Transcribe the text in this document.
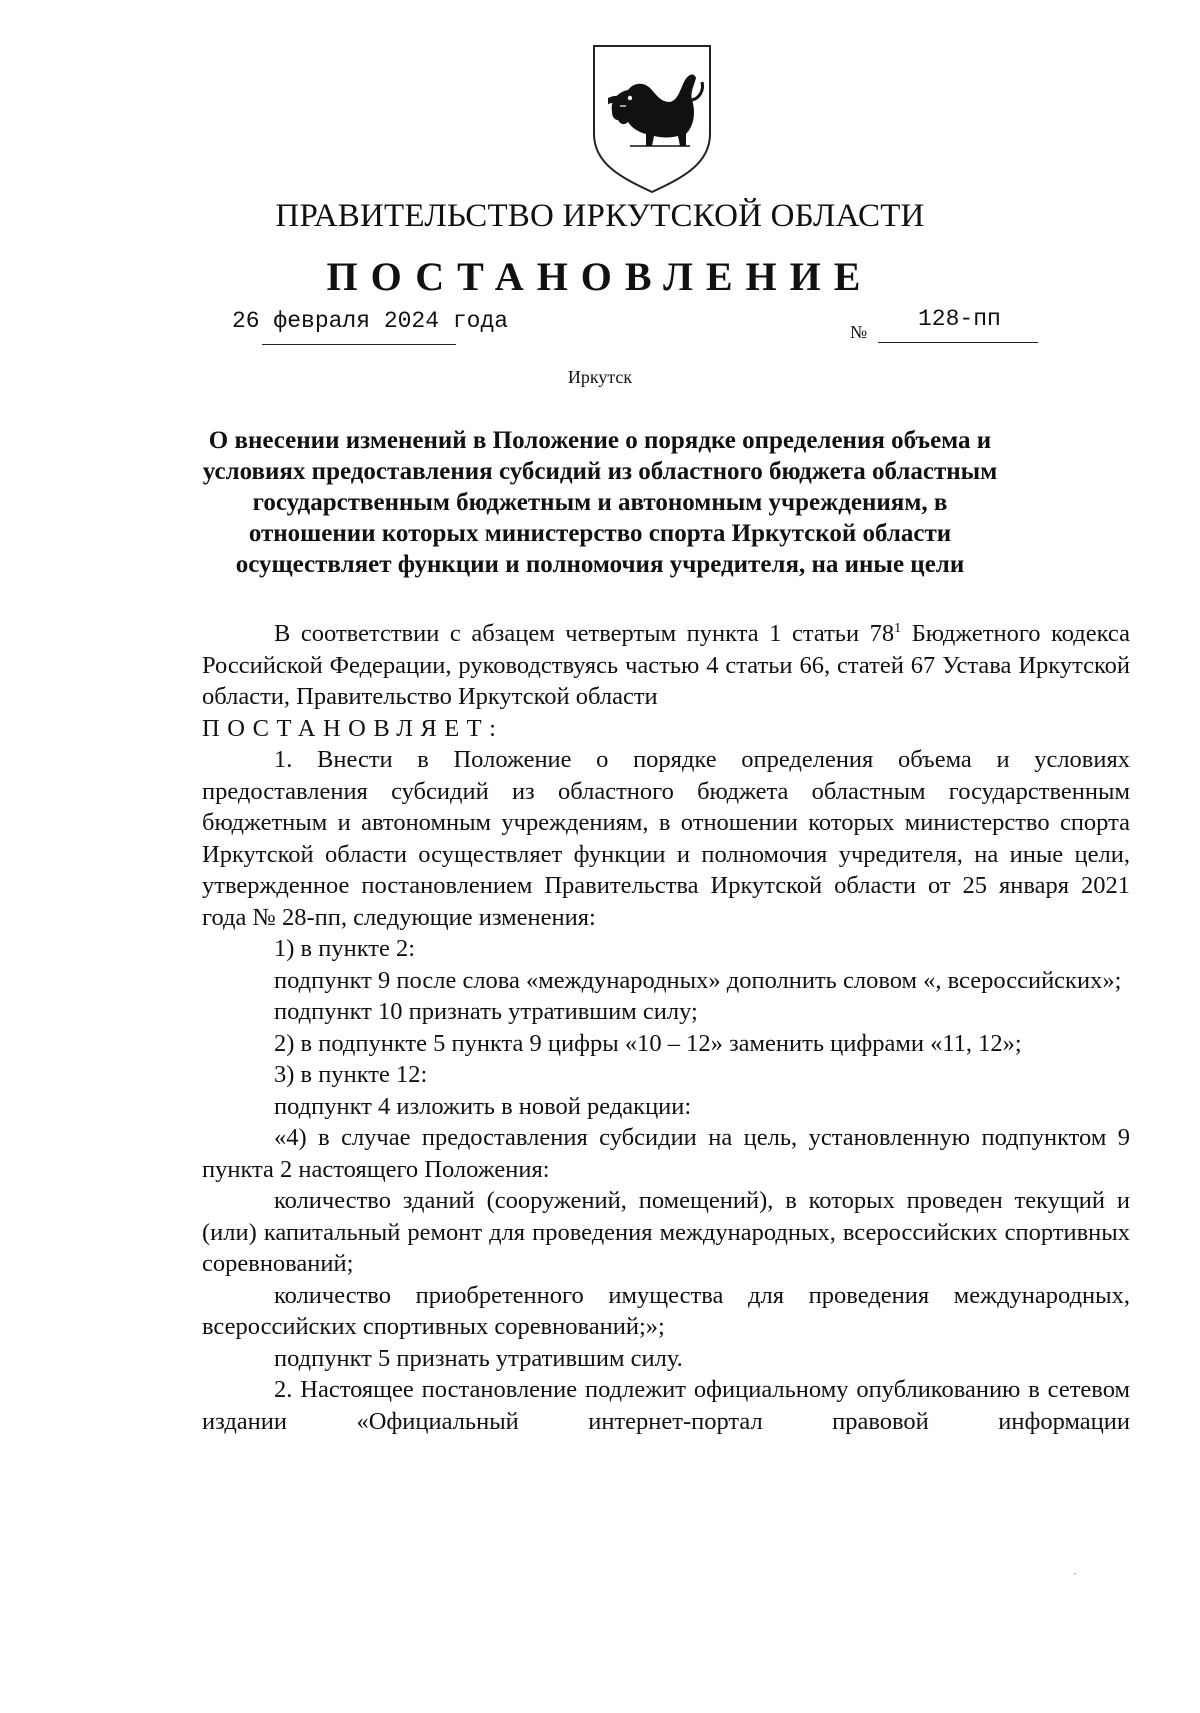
ПРАВИТЕЛЬСТВО ИРКУТСКОЙ ОБЛАСТИ
ПОСТАНОВЛЕНИЕ
26 февраля 2024 года	№ 128-пп
Иркутск
О внесении изменений в Положение о порядке определения объема и условиях предоставления субсидий из областного бюджета областным государственным бюджетным и автономным учреждениям, в отношении которых министерство спорта Иркутской области осуществляет функции и полномочия учредителя, на иные цели

В соответствии с абзацем четвертым пункта 1 статьи $78^1$ Бюджетного кодекса Российской Федерации, руководствуясь частью 4 статьи 66, статей 67 Устава Иркутской области, Правительство Иркутской области

ПОСТАНОВЛЯЕТ:

1. Внести в Положение о порядке определения объема и условиях предоставления субсидий из областного бюджета областным государственным бюджетным и автономным учреждениям, в отношении которых министерство спорта Иркутской области осуществляет функции и полномочия учредителя, на иные цели, утвержденное постановлением Правительства Иркутской области от 25 января 2021 года № 28-пп, следующие изменения:

1) в пункте 2:

подпункт 9 после слова «международных» дополнить словом «, всероссийских»;

подпункт 10 признать утратившим силу;

2) в подпункте 5 пункта 9 цифры «10 – 12» заменить цифрами «11, 12»;

3) в пункте 12:

подпункт 4 изложить в новой редакции:

«4) в случае предоставления субсидии на цель, установленную подпунктом 9 пункта 2 настоящего Положения:

количество зданий (сооружений, помещений), в которых проведен текущий и (или) капитальный ремонт для проведения международных, всероссийских спортивных соревнований;

количество приобретенного имущества для проведения международных, всероссийских спортивных соревнований;»;

подпункт 5 признать утратившим силу.

2. Настоящее постановление подлежит официальному опубликованию в сетевом издании «Официальный интернет-портал правовой информации
